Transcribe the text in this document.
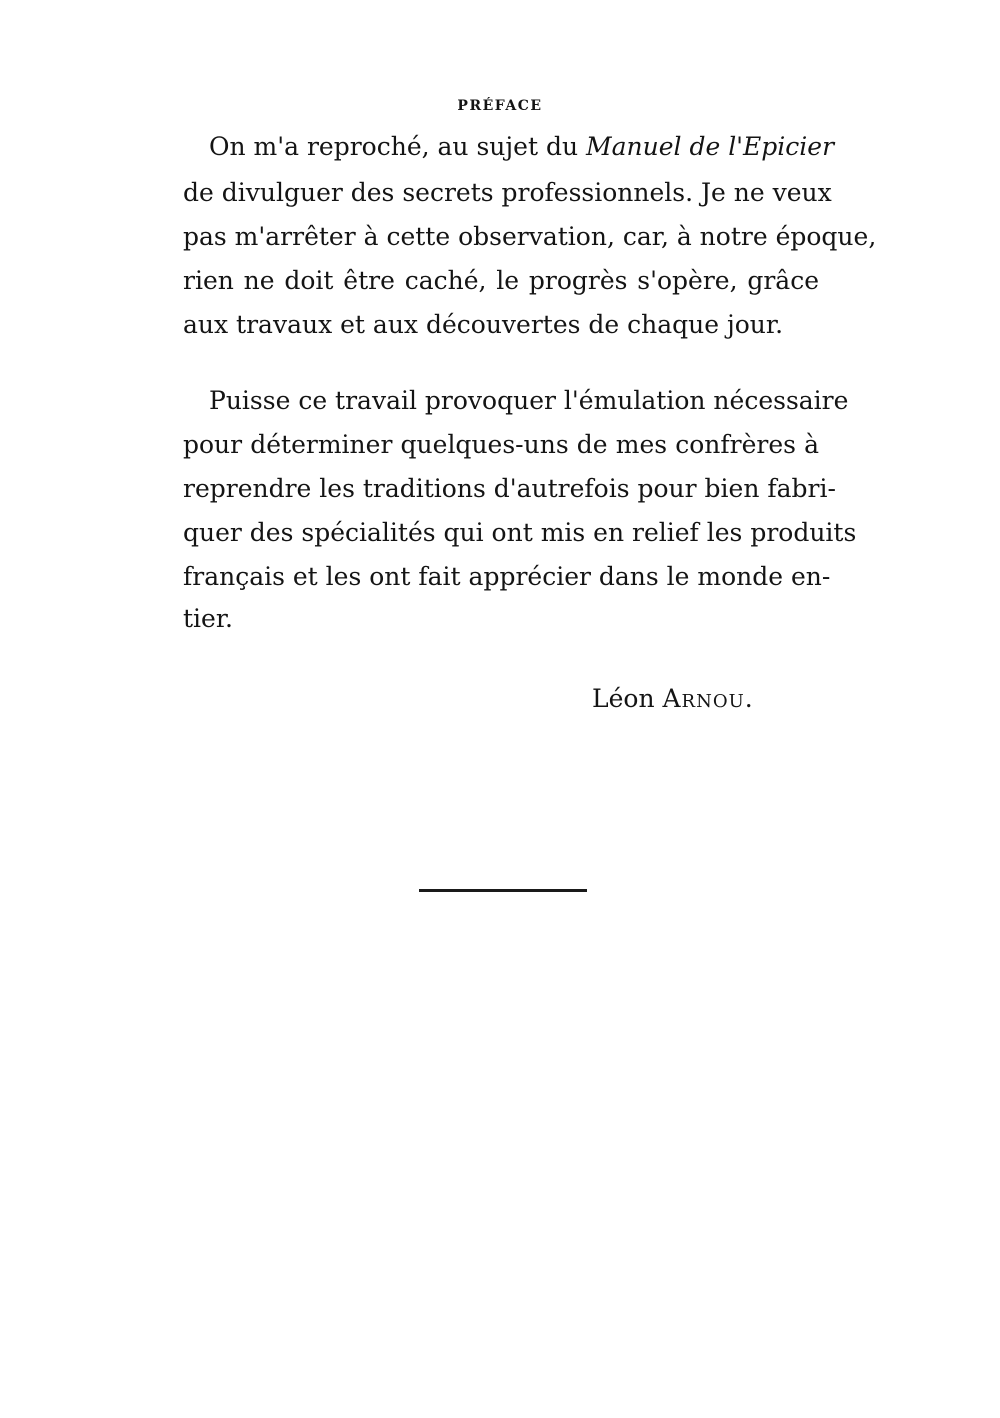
PRÉFACE
On m'a reproché, au sujet du Manuel de l'Epicier
de divulguer des secrets professionnels. Je ne veux
pas m'arrêter à cette observation, car, à notre époque,
rien ne doit être caché, le progrès s'opère, grâce
aux travaux et aux découvertes de chaque jour.
Puisse ce travail provoquer l'émulation nécessaire
pour déterminer quelques-uns de mes confrères à
reprendre les traditions d'autrefois pour bien fabri-
quer des spécialités qui ont mis en relief les produits
français et les ont fait apprécier dans le monde en-
tier.
Léon Arnou.
